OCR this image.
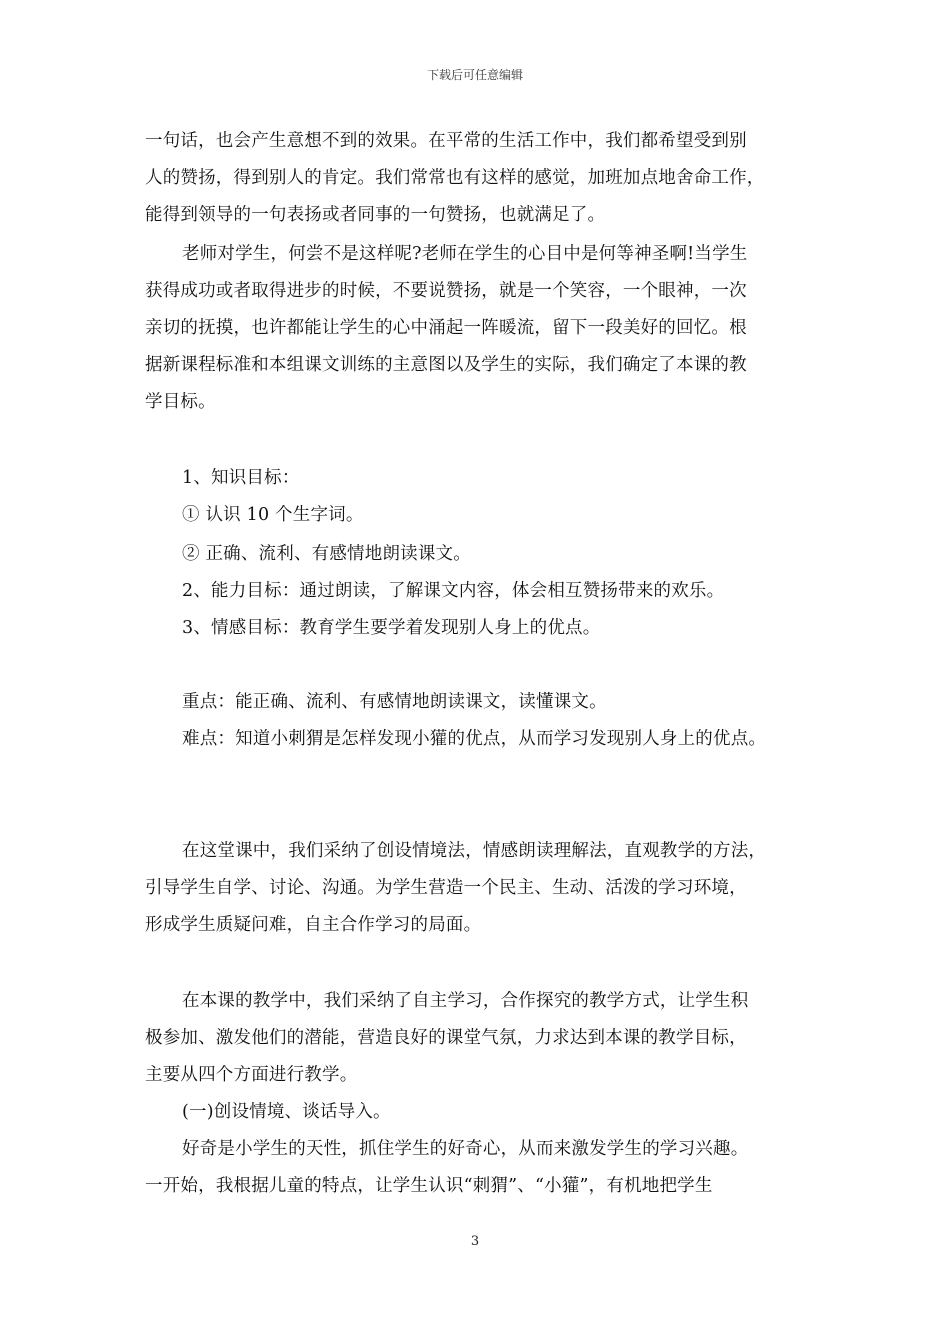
下载后可任意编辑
一句话，也会产生意想不到的效果。在平常的生活工作中，我们都希望受到别
人的赞扬，得到别人的肯定。我们常常也有这样的感觉，加班加点地舍命工作，
能得到领导的一句表扬或者同事的一句赞扬，也就满足了。
老师对学生，何尝不是这样呢?老师在学生的心目中是何等神圣啊!当学生
获得成功或者取得进步的时候，不要说赞扬，就是一个笑容，一个眼神，一次
亲切的抚摸，也许都能让学生的心中涌起一阵暖流，留下一段美好的回忆。根
据新课程标准和本组课文训练的主意图以及学生的实际，我们确定了本课的教
学目标。
1、知识目标：
① 认识 10 个生字词。
② 正确、流利、有感情地朗读课文。
2、能力目标：通过朗读，了解课文内容，体会相互赞扬带来的欢乐。
3、情感目标：教育学生要学着发现别人身上的优点。
重点：能正确、流利、有感情地朗读课文，读懂课文。
难点：知道小刺猬是怎样发现小獾的优点，从而学习发现别人身上的优点。
在这堂课中，我们采纳了创设情境法，情感朗读理解法，直观教学的方法，
引导学生自学、讨论、沟通。为学生营造一个民主、生动、活泼的学习环境，
形成学生质疑问难，自主合作学习的局面。
在本课的教学中，我们采纳了自主学习，合作探究的教学方式，让学生积
极参加、激发他们的潜能，营造良好的课堂气氛，力求达到本课的教学目标，
主要从四个方面进行教学。
(一)创设情境、谈话导入。
好奇是小学生的天性，抓住学生的好奇心，从而来激发学生的学习兴趣。
一开始，我根据儿童的特点，让学生认识“刺猬”、“小獾”，有机地把学生
3
